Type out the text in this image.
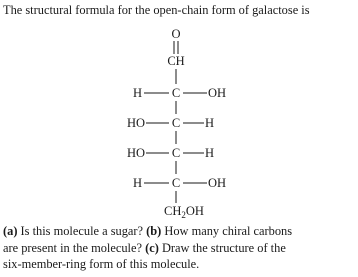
The structural formula for the open-chain form of galactose is
O
CH
H C OH
HO C H
HO C H
H C OH
$CH_2OH$

(a) Is this molecule a sugar? (b) How many chiral carbons

are present in the molecule? (c) Draw the structure of the

six-member-ring form of this molecule.
